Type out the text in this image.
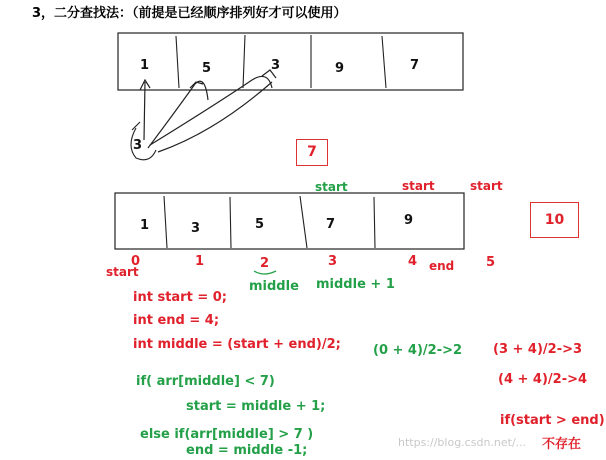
3，二分查找法：（前提是已经顺序排列好才可以使用）
1	5	3	9	7
3	7
start	start	start
10
1	3	5	7	9
0	1	2	3	4	5
start	end
middle middle + 1
int start = 0;
int end = 4;
int middle = (start + end)/2;
if( arr[middle] < 7)
start = middle + 1;
else if(arr[middle] > 7 )
end = middle -1;
(0 + 4)/2->2 (3 + 4)/2->3
(4 + 4)/2->4
if(start > end)
不存在
https://blog.csdn.net/...
